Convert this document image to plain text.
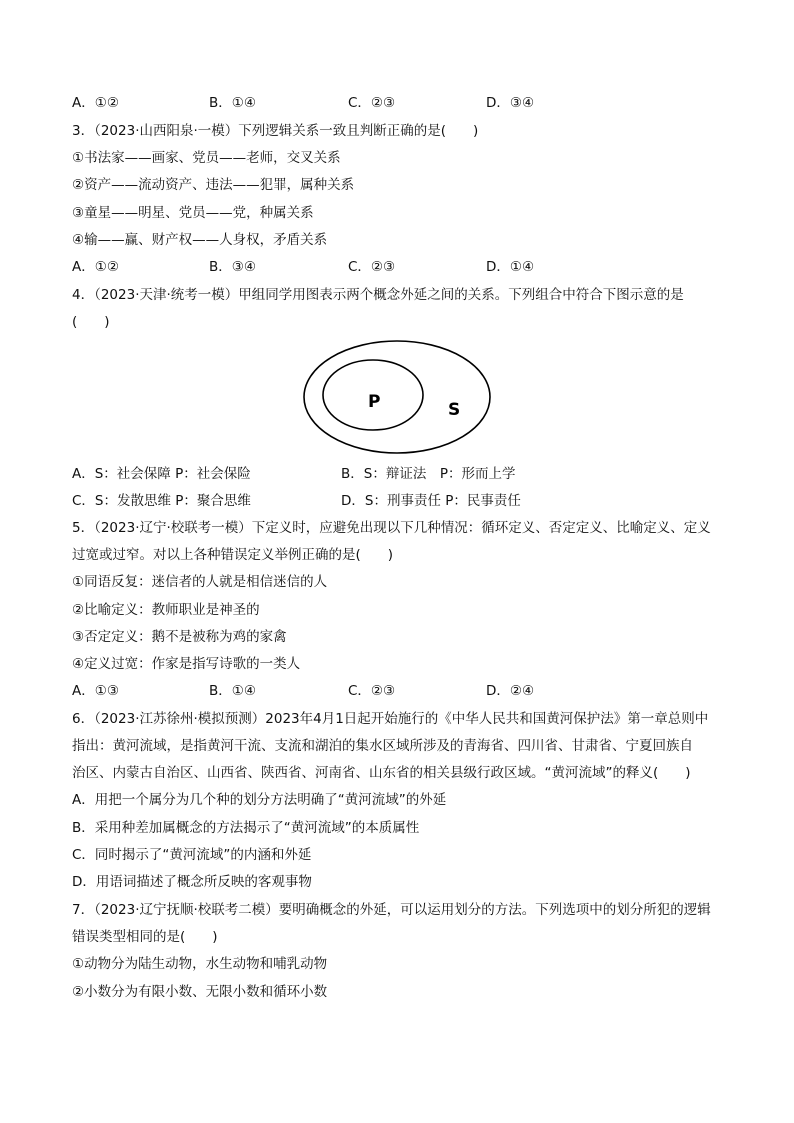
A．①②	B．①④	C．②③	D．③④
3．（2023·山西阳泉·一模）下列逻辑关系一致且判断正确的是(　　)
①书法家——画家、党员——老师，交叉关系
②资产——流动资产、违法——犯罪，属种关系
③童星——明星、党员——党，种属关系
④输——赢、财产权——人身权，矛盾关系
A．①②	B．③④	C．②③	D．①④
4．（2023·天津·统考一模）甲组同学用图表示两个概念外延之间的关系。下列组合中符合下图示意的是
(　　)
P	S
A．S：社会保障 P：社会保险	B．S：辩证法　P：形而上学
C．S：发散思维 P：聚合思维	D．S：刑事责任 P：民事责任
5．（2023·辽宁·校联考一模）下定义时，应避免出现以下几种情况：循环定义、否定定义、比喻定义、定义
过宽或过窄。对以上各种错误定义举例正确的是(　　)
①同语反复：迷信者的人就是相信迷信的人
②比喻定义：教师职业是神圣的
③否定定义：鹅不是被称为鸡的家禽
④定义过宽：作家是指写诗歌的一类人
A．①③	B．①④	C．②③	D．②④
6．（2023·江苏徐州·模拟预测）2023年4月1日起开始施行的《中华人民共和国黄河保护法》第一章总则中
指出：黄河流域，是指黄河干流、支流和湖泊的集水区域所涉及的青海省、四川省、甘肃省、宁夏回族自
治区、内蒙古自治区、山西省、陕西省、河南省、山东省的相关县级行政区域。“黄河流域”的释义(　　)
A．用把一个属分为几个种的划分方法明确了“黄河流域”的外延
B．采用种差加属概念的方法揭示了“黄河流域”的本质属性
C．同时揭示了“黄河流域”的内涵和外延
D．用语词描述了概念所反映的客观事物
7．（2023·辽宁抚顺·校联考二模）要明确概念的外延，可以运用划分的方法。下列选项中的划分所犯的逻辑
错误类型相同的是(　　)
①动物分为陆生动物，水生动物和哺乳动物
②小数分为有限小数、无限小数和循环小数
